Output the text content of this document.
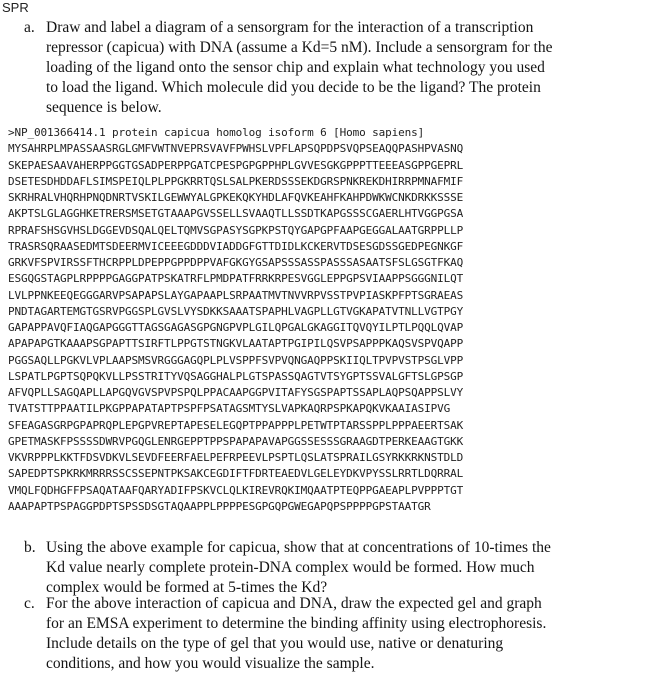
SPR
a. Draw and label a diagram of a sensorgram for the interaction of a transcription
repressor (capicua) with DNA (assume a Kd=5 nM). Include a sensorgram for the
loading of the ligand onto the sensor chip and explain what technology you used
to load the ligand. Which molecule did you decide to be the ligand? The protein
sequence is below.
>NP_001366414.1 protein capicua homolog isoform 6 [Homo sapiens]
MYSAHRPLMPASSAASRGLGMFVWTNVEPRSVAVFPWHSLVPFLAPSQPDPSVQPSEAQQPASHPVASNQ
SKEPAESAAVAHERPPGGTGSADPERPPGATCPESPGPGPPHPLGVVESGKGPPPTTEEEASGPPGEPRL
DSETESDHDDAFLSIMSPEIQLPLPPGKRRTQSLSALPKERDSSSEKDGRSPNKREKDHIRRPMNAFMIF
SKRHRALVHQRHPNQDNRTVSKILGEWWYALGPKEKQKYHDLAFQVKEAHFKAHPDWKWCNKDRKKSSSE
AKPTSLGLAGGHKETRERSMSETGTAAAPGVSSELLSVAAQTLLSSDTKAPGSSSCGAERLHTVGGPGSA
RPRAFSHSGVHSLDGGEVDSQALQELTQMVSGPASYSGPKPSTQYGAPGPFAAPGEGGALAATGRPPLLP
TRASRSQRAASEDMTSDEERMVICEEEGDDDVIADDGFGTTDIDLKCKERVTDSESGDSSGEDPEGNKGF
GRKVFSPVIRSSFTHCRPPLDPEPPGPPDPPVAFGKGYGSAPSSSASSPASSSASAATSFSLGSGTFKAQ
ESGQGSTAGPLRPPPPGAGGPATPSKATRFLPMDPATFRRKRPESVGGLEPPGPSVIAAPPSGGGNILQT
LVLPPNKEEQEGGGARVPSAPAPSLAYGAPAAPLSRPAATMVTNVVRPVSSTPVPIASKPFPTSGRAEAS
PNDTAGARTEMGTGSRVPGGSPLGVSLVYSDKKSAAATSPAPHLVAGPLLGTVGKAPATVTNLLVGTPGY
GAPAPPAVQFIAQGAPGGGTTAGSGAGASGPGNGPVPLGILQPGALGKAGGITQVQYILPTLPQQLQVAP
APAPAPGTKAAAPSGPAPTTSIRFTLPPGTSTNGKVLAATAPTPGIPILQSVPSAPPPKAQSVSPVQAPP
PGGSAQLLPGKVLVPLAAPSMSVRGGGAGQPLPLVSPPFSVPVQNGAQPPSKIIQLTPVPVSTPSGLVPP
LSPATLPGPTSQPQKVLLPSSTRITYVQSAGGHALPLGTSPASSQAGTVTSYGPTSSVALGFTSLGPSGP
AFVQPLLSAGQAPLLAPGQVGVSPVPSPQLPPACAAPGGPVITAFYSGSPAPTSSAPLAQPSQAPPSLVY
TVATSTTPPAATILPKGPPAPATAPTPSPFPSATAGSMTYSLVAPKAQRPSPKAPQKVKAAIASIPVG
SFEAGASGRPGPAPRQPLEPGPVREPTAPESELEGQPTPPAPPPLPETWTPTARSSPPLPPPAEERTSAK
GPETMASKFPSSSSDWRVPGQGLENRGEPPTPPSPAPAPAVAPGGSSESSSGRAAGDTPERKEAAGTGKK
VKVRPPPLKKTFDSVDKVLSEVDFEERFAELPEFRPEEVLPSPTLQSLATSPRAILGSYRKKRKNSTDLD
SAPEDPTSPKRKMRRRSSCSSEPNTPKSAKCEGDIFTFDRTEAEDVLGELEYDKVPYSSLRRTLDQRRAL
VMQLFQDHGFFPSAQATAAFQARYADIFPSKVCLQLKIREVRQKIMQAATPTEQPPGAEAPLPVPPPTGT
AAAPAPTPSPAGGPDPTSPSSDSGTAQAAPPLPPPPESGPGQPGWEGAPQPSPPPPGPSTAATGR
b. Using the above example for capicua, show that at concentrations of 10-times the
Kd value nearly complete protein-DNA complex would be formed. How much
complex would be formed at 5-times the Kd?
c. For the above interaction of capicua and DNA, draw the expected gel and graph
for an EMSA experiment to determine the binding affinity using electrophoresis.
Include details on the type of gel that you would use, native or denaturing
conditions, and how you would visualize the sample.
